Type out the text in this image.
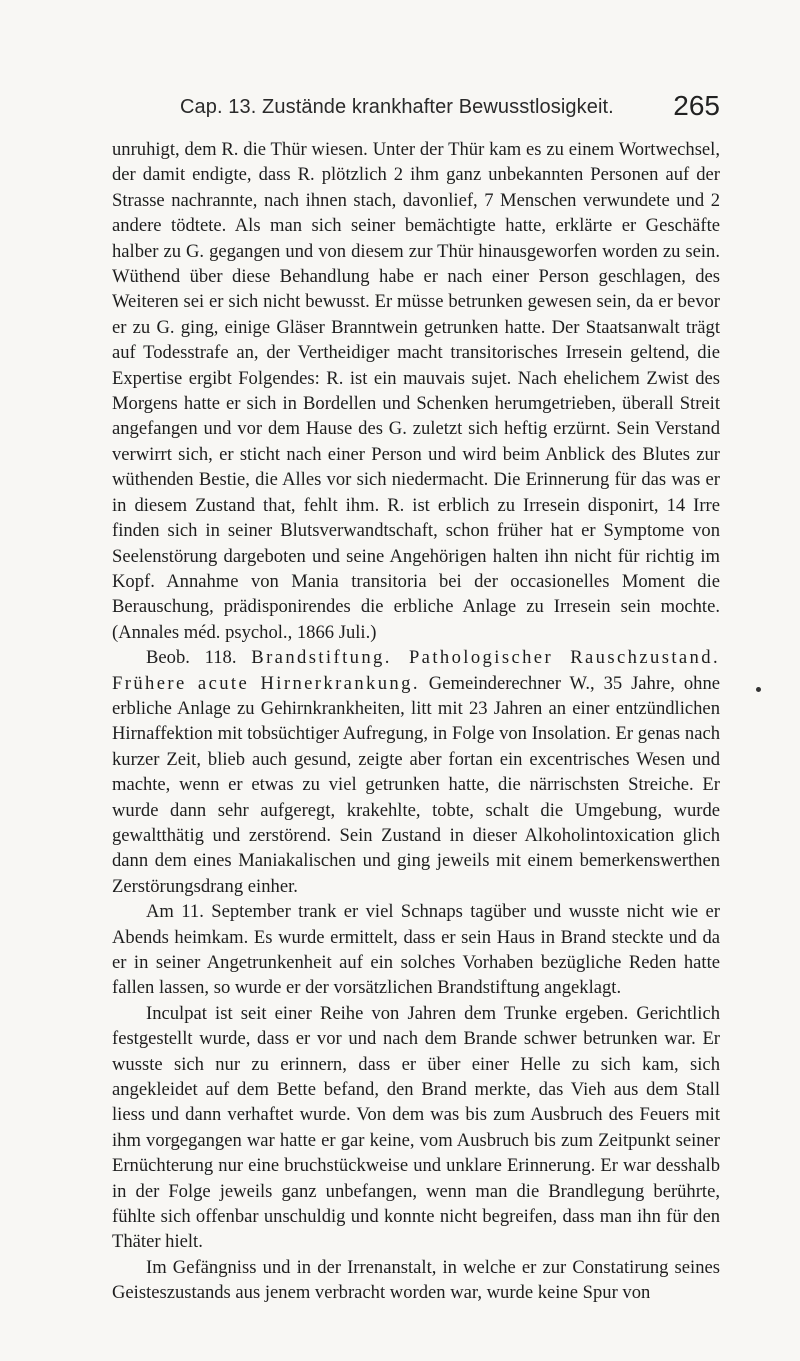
Cap. 13. Zustände krankhafter Bewusstlosigkeit. 265

unruhigt, dem R. die Thür wiesen. Unter der Thür kam es zu einem Wortwechsel, der damit endigte, dass R. plötzlich 2 ihm ganz unbekannten Personen auf der Strasse nachrannte, nach ihnen stach, davonlief, 7 Menschen verwundete und 2 andere tödtete. Als man sich seiner bemächtigte hatte, erklärte er Geschäfte halber zu G. gegangen und von diesem zur Thür hinausgeworfen worden zu sein. Wüthend über diese Behandlung habe er nach einer Person geschlagen, des Weiteren sei er sich nicht bewusst. Er müsse betrunken gewesen sein, da er bevor er zu G. ging, einige Gläser Branntwein getrunken hatte. Der Staatsanwalt trägt auf Todesstrafe an, der Vertheidiger macht transitorisches Irresein geltend, die Expertise ergibt Folgendes: R. ist ein mauvais sujet. Nach ehelichem Zwist des Morgens hatte er sich in Bordellen und Schenken herumgetrieben, überall Streit angefangen und vor dem Hause des G. zuletzt sich heftig erzürnt. Sein Verstand verwirrt sich, er sticht nach einer Person und wird beim Anblick des Blutes zur wüthenden Bestie, die Alles vor sich niedermacht. Die Erinnerung für das was er in diesem Zustand that, fehlt ihm. R. ist erblich zu Irresein disponirt, 14 Irre finden sich in seiner Blutsverwandtschaft, schon früher hat er Symptome von Seelenstörung dargeboten und seine Angehörigen halten ihn nicht für richtig im Kopf. Annahme von Mania transitoria bei der occasionelles Moment die Berauschung, prädisponirendes die erbliche Anlage zu Irresein sein mochte. (Annales méd. psychol., 1866 Juli.)

Beob. 118. Brandstiftung. Pathologischer Rauschzustand. Frühere acute Hirnerkrankung. Gemeinderechner W., 35 Jahre, ohne erbliche Anlage zu Gehirnkrankheiten, litt mit 23 Jahren an einer entzündlichen Hirnaffektion mit tobsüchtiger Aufregung, in Folge von Insolation. Er genas nach kurzer Zeit, blieb auch gesund, zeigte aber fortan ein excentrisches Wesen und machte, wenn er etwas zu viel getrunken hatte, die närrischsten Streiche. Er wurde dann sehr aufgeregt, krakehlte, tobte, schalt die Umgebung, wurde gewaltthätig und zerstörend. Sein Zustand in dieser Alkoholintoxication glich dann dem eines Maniakalischen und ging jeweils mit einem bemerkenswerthen Zerstörungsdrang einher.

Am 11. September trank er viel Schnaps tagüber und wusste nicht wie er Abends heimkam. Es wurde ermittelt, dass er sein Haus in Brand steckte und da er in seiner Angetrunkenheit auf ein solches Vorhaben bezügliche Reden hatte fallen lassen, so wurde er der vorsätzlichen Brandstiftung angeklagt.

Inculpat ist seit einer Reihe von Jahren dem Trunke ergeben. Gerichtlich festgestellt wurde, dass er vor und nach dem Brande schwer betrunken war. Er wusste sich nur zu erinnern, dass er über einer Helle zu sich kam, sich angekleidet auf dem Bette befand, den Brand merkte, das Vieh aus dem Stall liess und dann verhaftet wurde. Von dem was bis zum Ausbruch des Feuers mit ihm vorgegangen war hatte er gar keine, vom Ausbruch bis zum Zeitpunkt seiner Ernüchterung nur eine bruchstückweise und unklare Erinnerung. Er war desshalb in der Folge jeweils ganz unbefangen, wenn man die Brandlegung berührte, fühlte sich offenbar unschuldig und konnte nicht begreifen, dass man ihn für den Thäter hielt.

Im Gefängniss und in der Irrenanstalt, in welche er zur Constatirung seines Geisteszustands aus jenem verbracht worden war, wurde keine Spur von
